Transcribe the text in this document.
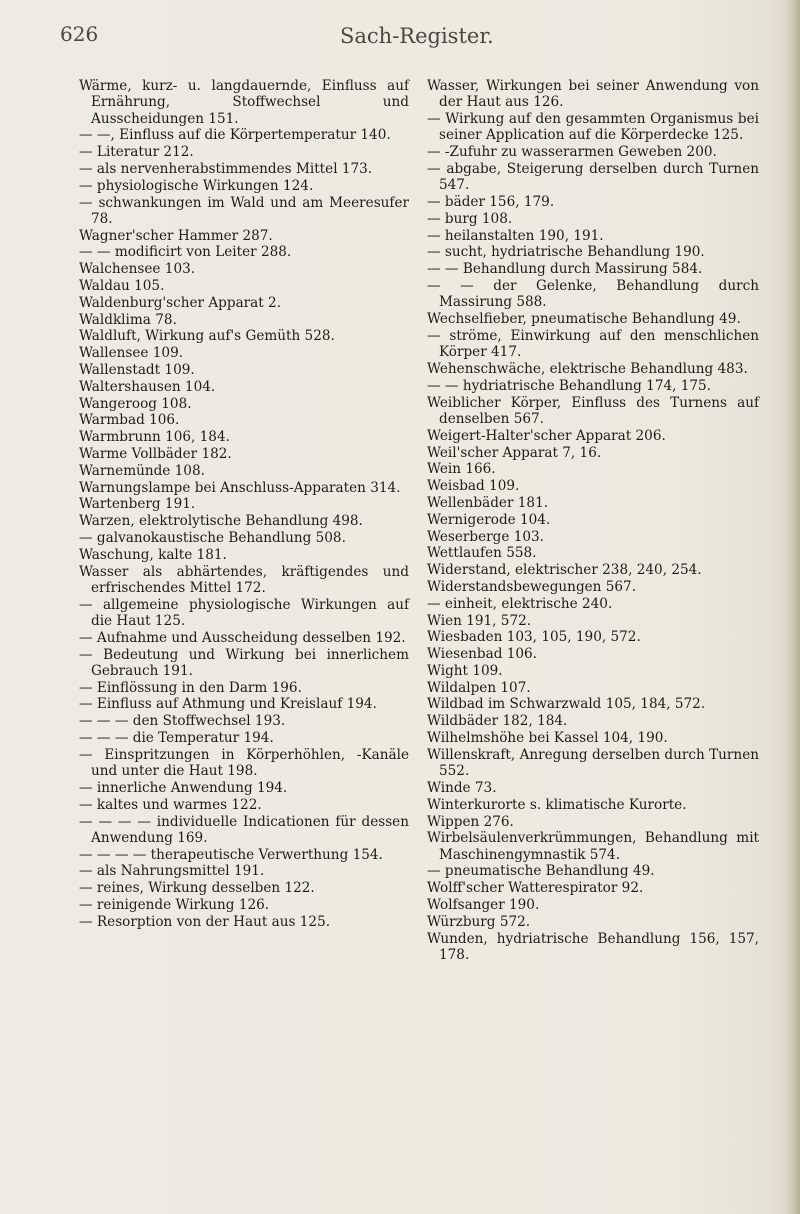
626	Sach-Register.

Wärme, kurz- u. langdauernde, Einfluss auf Ernährung, Stoffwechsel und Ausscheidungen 151.

— —, Einfluss auf die Körpertemperatur 140.

— Literatur 212.

— als nervenherabstimmendes Mittel 173.

— physiologische Wirkungen 124.

— schwankungen im Wald und am Meeresufer 78.

Wagner'scher Hammer 287.

— — modificirt von Leiter 288.

Walchensee 103.

Waldau 105.

Waldenburg'scher Apparat 2.

Waldklima 78.

Waldluft, Wirkung auf's Gemüth 528.

Wallensee 109.

Wallenstadt 109.

Waltershausen 104.

Wangeroog 108.

Warmbad 106.

Warmbrunn 106, 184.

Warme Vollbäder 182.

Warnemünde 108.

Warnungslampe bei Anschluss-Apparaten 314.

Wartenberg 191.

Warzen, elektrolytische Behandlung 498.

— galvanokaustische Behandlung 508.

Waschung, kalte 181.

Wasser als abhärtendes, kräftigendes und erfrischendes Mittel 172.

— allgemeine physiologische Wirkungen auf die Haut 125.

— Aufnahme und Ausscheidung desselben 192.

— Bedeutung und Wirkung bei innerlichem Gebrauch 191.

— Einflössung in den Darm 196.

— Einfluss auf Athmung und Kreislauf 194.

— — — den Stoffwechsel 193.

— — — die Temperatur 194.

— Einspritzungen in Körperhöhlen, -Kanäle und unter die Haut 198.

— innerliche Anwendung 194.

— kaltes und warmes 122.

— — — — individuelle Indicationen für dessen Anwendung 169.

— — — — therapeutische Verwerthung 154.

— als Nahrungsmittel 191.

— reines, Wirkung desselben 122.

— reinigende Wirkung 126.

— Resorption von der Haut aus 125.

Wasser, Wirkungen bei seiner Anwendung von der Haut aus 126.

— Wirkung auf den gesammten Organismus bei seiner Application auf die Körperdecke 125.

— -Zufuhr zu wasserarmen Geweben 200.

— abgabe, Steigerung derselben durch Turnen 547.

— bäder 156, 179.

— burg 108.

— heilanstalten 190, 191.

— sucht, hydriatrische Behandlung 190.

— — Behandlung durch Massirung 584.

— — der Gelenke, Behandlung durch Massirung 588.

Wechselfieber, pneumatische Behandlung 49.

— ströme, Einwirkung auf den menschlichen Körper 417.

Wehenschwäche, elektrische Behandlung 483.

— — hydriatrische Behandlung 174, 175.

Weiblicher Körper, Einfluss des Turnens auf denselben 567.

Weigert-Halter'scher Apparat 206.

Weil'scher Apparat 7, 16.

Wein 166.

Weisbad 109.

Wellenbäder 181.

Wernigerode 104.

Weserberge 103.

Wettlaufen 558.

Widerstand, elektrischer 238, 240, 254.

Widerstandsbewegungen 567.

— einheit, elektrische 240.

Wien 191, 572.

Wiesbaden 103, 105, 190, 572.

Wiesenbad 106.

Wight 109.

Wildalpen 107.

Wildbad im Schwarzwald 105, 184, 572.

Wildbäder 182, 184.

Wilhelmshöhe bei Kassel 104, 190.

Willenskraft, Anregung derselben durch Turnen 552.

Winde 73.

Winterkurorte s. klimatische Kurorte.

Wippen 276.

Wirbelsäulenverkrümmungen, Behandlung mit Maschinengymnastik 574.

— pneumatische Behandlung 49.

Wolff'scher Watterespirator 92.

Wolfsanger 190.

Würzburg 572.

Wunden, hydriatrische Behandlung 156, 157, 178.
